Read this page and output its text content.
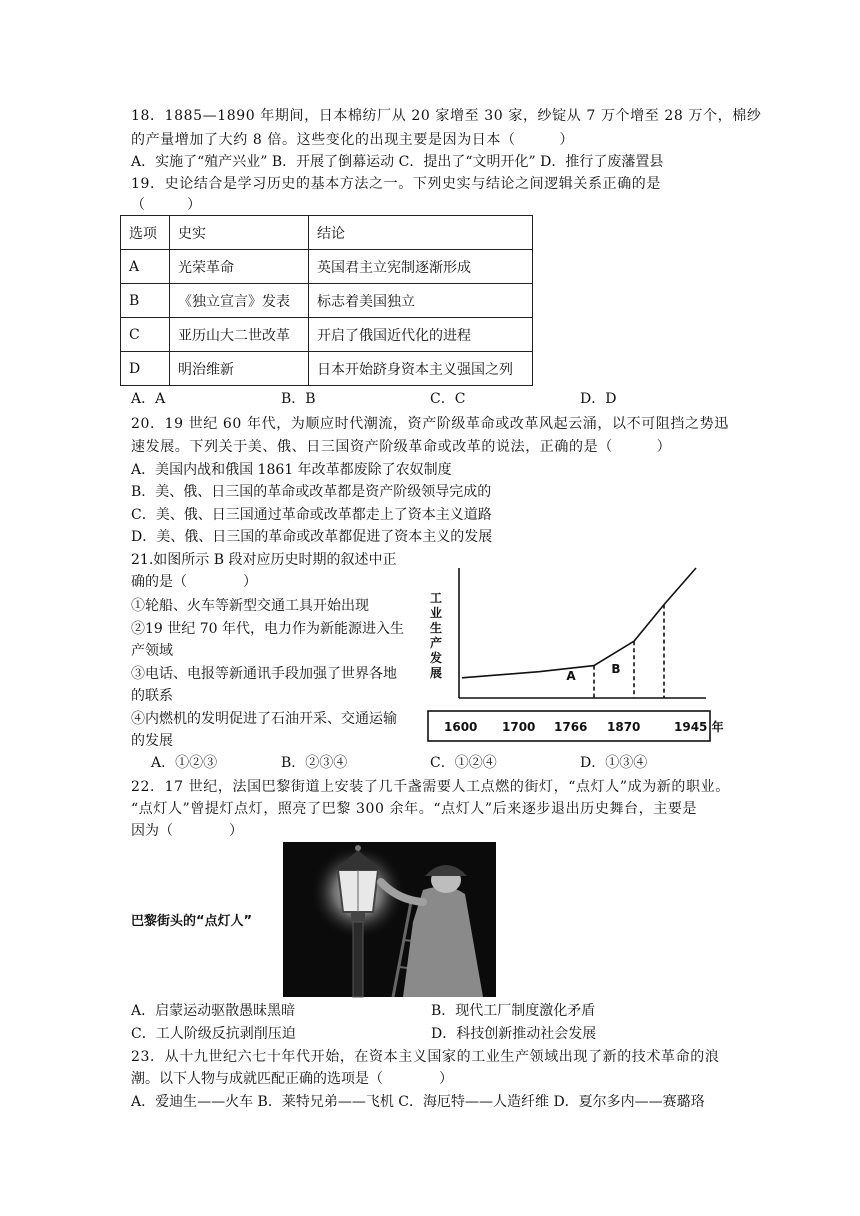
18．1885—1890 年期间，日本棉纺厂从 20 家增至 30 家，纱锭从 7 万个增至 28 万个，棉纱
的产量增加了大约 8 倍。这些变化的出现主要是因为日本（　　　）
A．实施了“殖产兴业” B．开展了倒幕运动 C．提出了“文明开化” D．推行了废藩置县
19．史论结合是学习历史的基本方法之一。下列史实与结论之间逻辑关系正确的是
（　　　）
选项	史实	结论
A	光荣革命	英国君主立宪制逐渐形成
B	《独立宣言》发表	标志着美国独立
C	亚历山大二世改革	开启了俄国近代化的进程
D	明治维新	日本开始跻身资本主义强国之列
A．A	B．B	C．C	D．D
20．19 世纪 60 年代，为顺应时代潮流，资产阶级革命或改革风起云涌，以不可阻挡之势迅
速发展。下列关于美、俄、日三国资产阶级革命或改革的说法，正确的是（　　　）
A．美国内战和俄国 1861 年改革都废除了农奴制度
B．美、俄、日三国的革命或改革都是资产阶级领导完成的
C．美、俄、日三国通过革命或改革都走上了资本主义道路
D．美、俄、日三国的革命或改革都促进了资本主义的发展
21.如图所示 B 段对应历史时期的叙述中正
确的是（　　　　）
①轮船、火车等新型交通工具开始出现
②19 世纪 70 年代，电力作为新能源进入生
产领域
③电话、电报等新通讯手段加强了世界各地
的联系
④内燃机的发明促进了石油开采、交通运输
的发展
A．①②③	B．②③④	C．①②④	D．①③④
工
业
生
产
发
展	A	B
1600 1700 1766 1870	1945 年
22．17 世纪，法国巴黎街道上安装了几千盏需要人工点燃的街灯，“点灯人”成为新的职业。
“点灯人”曾提灯点灯，照亮了巴黎 300 余年。“点灯人”后来逐步退出历史舞台，主要是
因为（　　　　）
巴黎街头的“点灯人”
A．启蒙运动驱散愚昧黑暗	B．现代工厂制度激化矛盾
C．工人阶级反抗剥削压迫	D．科技创新推动社会发展
23．从十九世纪六七十年代开始，在资本主义国家的工业生产领域出现了新的技术革命的浪
潮。以下人物与成就匹配正确的选项是（　　　　）
A．爱迪生——火车 B．莱特兄弟——飞机 C．海厄特——人造纤维 D．夏尔多内——赛璐珞
